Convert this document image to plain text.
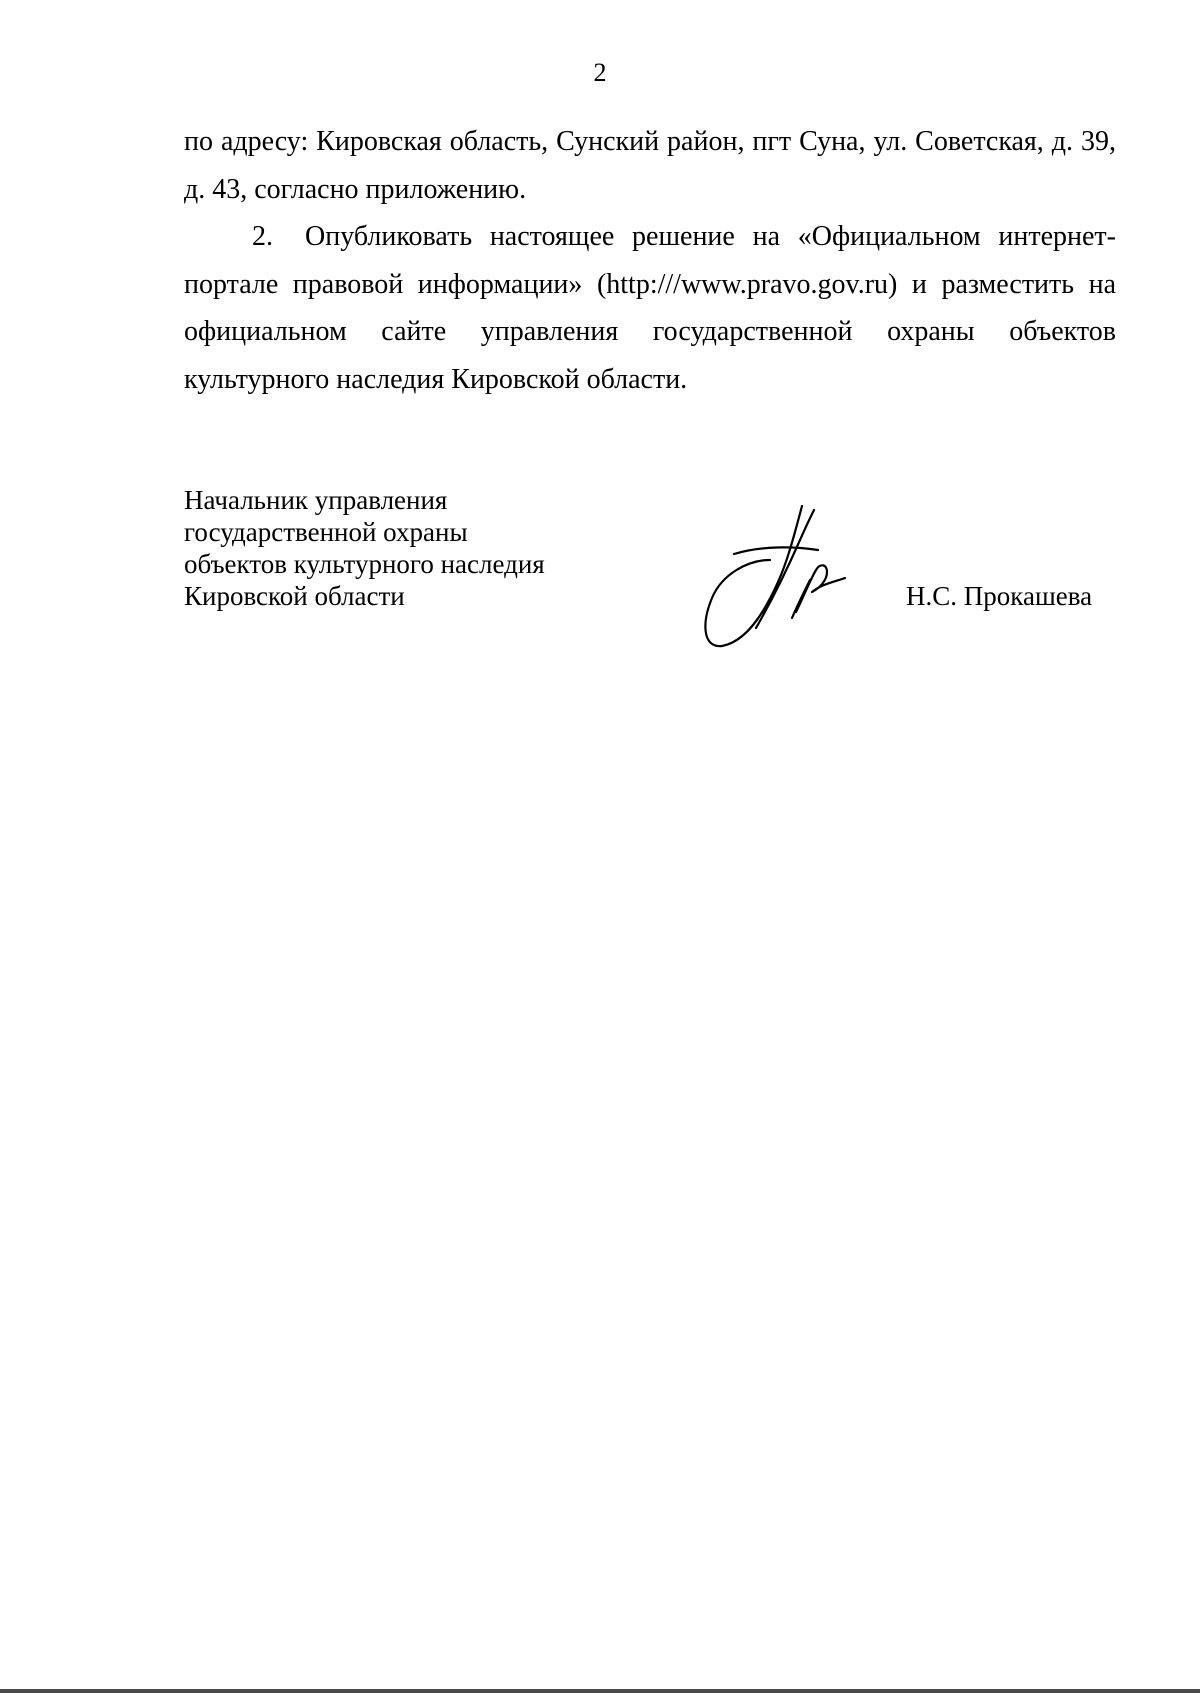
2

по адресу: Кировская область, Сунский район, пгт Суна, ул. Советская, д. 39, д. 43, согласно приложению.

2. Опубликовать настоящее решение на «Официальном интернет-портале правовой информации» (http:///www.pravo.gov.ru) и разместить на официальном сайте управления государственной охраны объектов культурного наследия Кировской области.

Начальник управления
государственной охраны
объектов культурного наследия
Кировской области	Н.С. Прокашева
